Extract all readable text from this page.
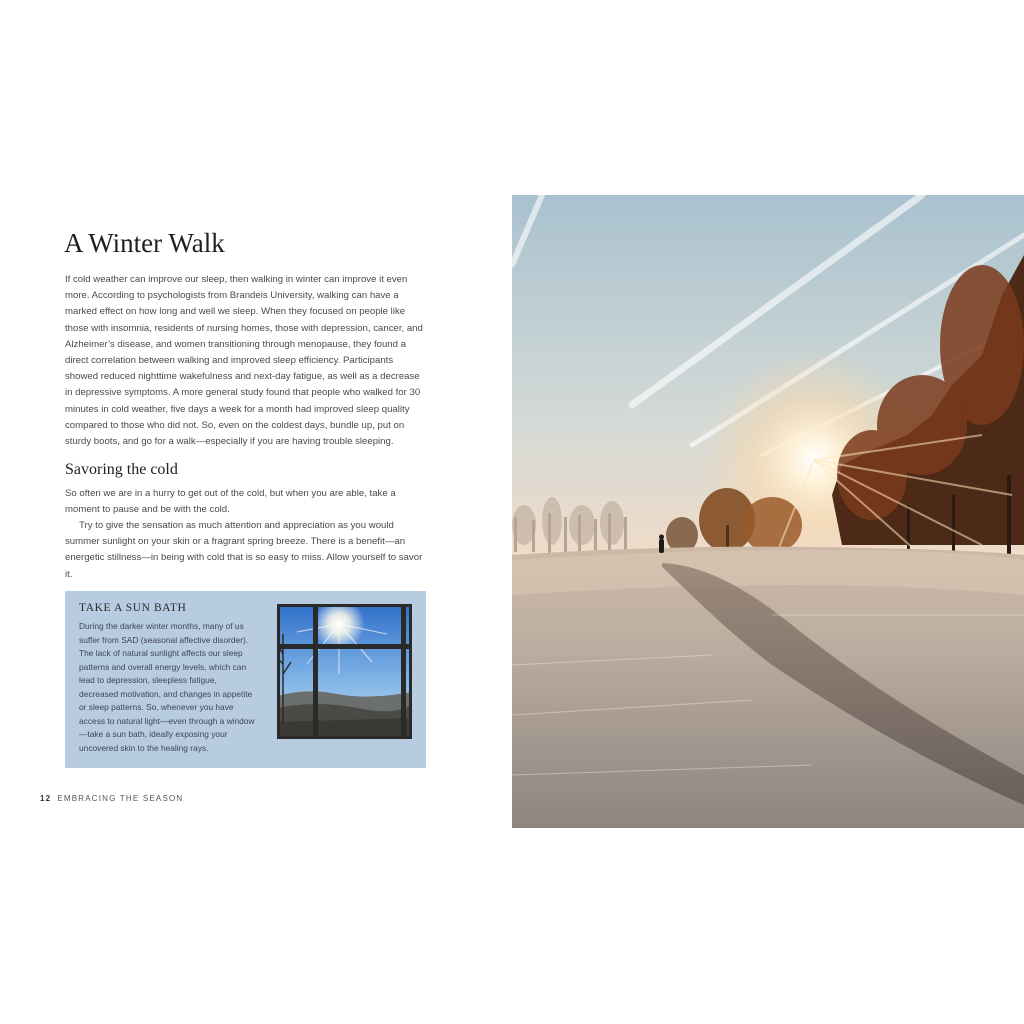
A Winter Walk

If cold weather can improve our sleep, then walking in winter can improve it even more. According to psychologists from Brandeis University, walking can have a marked effect on how long and well we sleep. When they focused on people like those with insomnia, residents of nursing homes, those with depression, cancer, and Alzheimer’s disease, and women transitioning through menopause, they found a direct correlation between walking and improved sleep efficiency. Participants showed reduced nighttime wakefulness and next-day fatigue, as well as a decrease in depressive symptoms. A more general study found that people who walked for 30 minutes in cold weather, five days a week for a month had improved sleep quality compared to those who did not. So, even on the coldest days, bundle up, put on sturdy boots, and go for a walk—especially if you are having trouble sleeping.

Savoring the cold

So often we are in a hurry to get out of the cold, but when you are able, take a moment to pause and be with the cold.

Try to give the sensation as much attention and appreciation as you would summer sunlight on your skin or a fragrant spring breeze. There is a benefit—an energetic stillness—in being with cold that is so easy to miss. Allow yourself to savor it.

TAKE A SUN BATH

During the darker winter months, many of us suffer from SAD (seasonal affective disorder). The lack of natural sunlight affects our sleep patterns and overall energy levels, which can lead to depression, sleepless fatigue, decreased motivation, and changes in appetite or sleep patterns. So, whenever you have access to natural light—even through a window—take a sun bath, ideally exposing your uncovered skin to the healing rays.

12 EMBRACING THE SEASON
